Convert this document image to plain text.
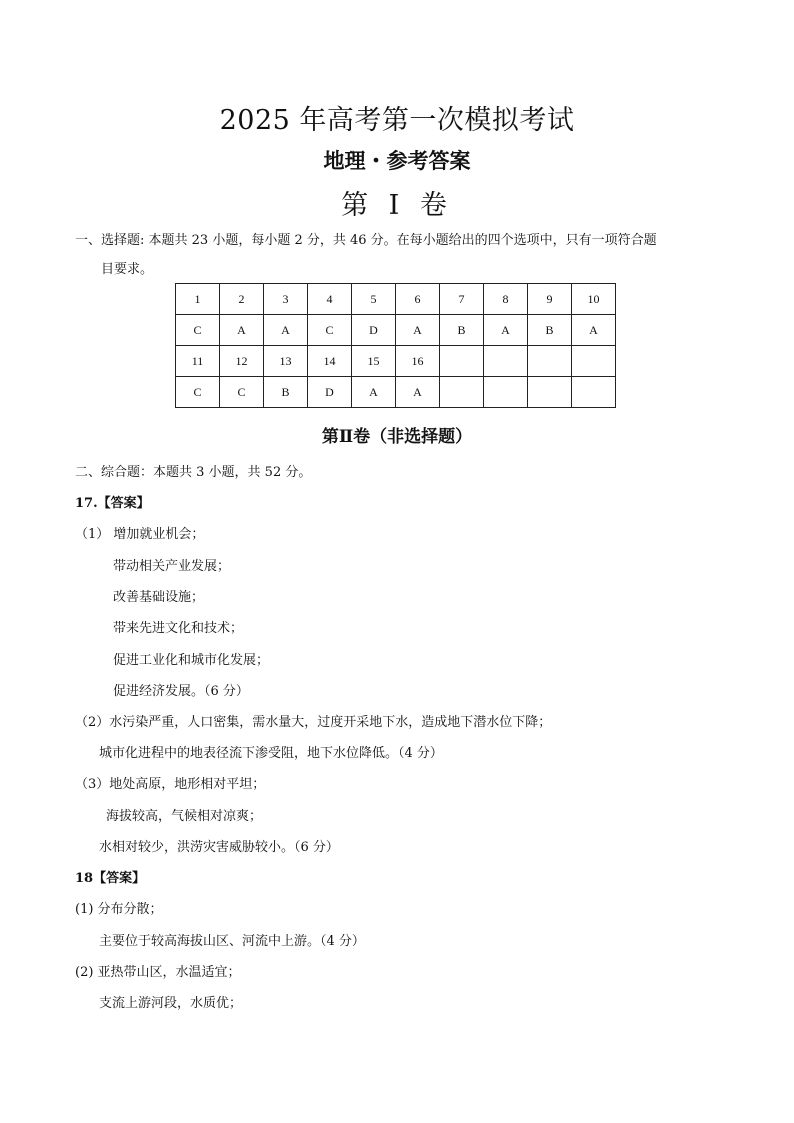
2025 年高考第一次模拟考试
地理・参考答案
第 I 卷
一、选择题: 本题共 23 小题，每小题 2 分，共 46 分。在每小题给出的四个选项中，只有一项符合题
目要求。
1	2	3	4	5	6	7	8	9	10
C	A	A	C	D	A	B	A	B	A
11	12	13	14	15	16				
C	C	B	D	A	A				
第Ⅱ卷（非选择题）
二、综合题：本题共 3 小题，共 52 分。
17.【答案】
（1） 增加就业机会；
带动相关产业发展；
改善基础设施；
带来先进文化和技术；
促进工业化和城市化发展；
促进经济发展。（6 分）
（2）水污染严重，人口密集，需水量大，过度开采地下水，造成地下潜水位下降；
城市化进程中的地表径流下渗受阻，地下水位降低。（4 分）
（3）地处高原，地形相对平坦；
海拔较高，气候相对凉爽；
水相对较少，洪涝灾害威胁较小。（6 分）
18【答案】
(1) 分布分散；
主要位于较高海拔山区、河流中上游。（4 分）
(2) 亚热带山区，水温适宜；
支流上游河段，水质优；
